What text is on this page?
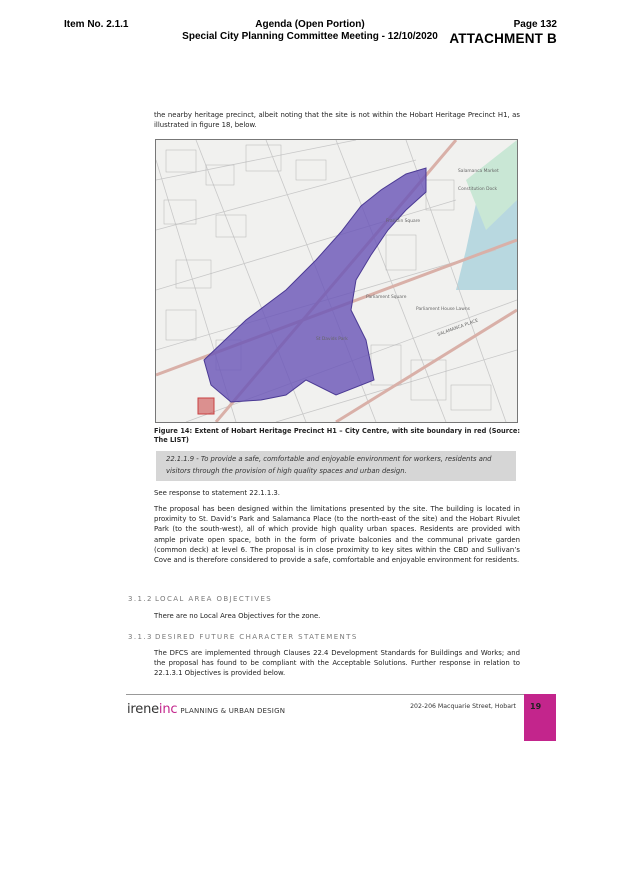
Item No. 2.1.1	Agenda (Open Portion)
Special City Planning Committee Meeting - 12/10/2020
Page 132
ATTACHMENT B
the nearby heritage precinct, albeit noting that the site is not within the Hobart Heritage Precinct H1, as illustrated in figure 18, below.
Salamanca Market
Constitution Dock
Franklin Square
Parliament Square
Parliament House Lawns
St Davids Park
SALAMANCA PLACE
Figure 14: Extent of Hobart Heritage Precinct H1 – City Centre, with site boundary in red (Source: The LIST)
22.1.1.9 - To provide a safe, comfortable and enjoyable environment for workers, residents and visitors through the provision of high quality spaces and urban design.
See response to statement 22.1.1.3.
The proposal has been designed within the limitations presented by the site. The building is located in proximity to St. David’s Park and Salamanca Place (to the north-east of the site) and the Hobart Rivulet Park (to the south-west), all of which provide high quality urban spaces. Residents are provided with ample private open space, both in the form of private balconies and the communal private garden (common deck) at level 6. The proposal is in close proximity to key sites within the CBD and Sullivan’s Cove and is therefore considered to provide a safe, comfortable and enjoyable environment for residents.
3.1.2 LOCAL AREA OBJECTIVES
There are no Local Area Objectives for the zone.
3.1.3 DESIRED FUTURE CHARACTER STATEMENTS
The DFCS are implemented through Clauses 22.4 Development Standards for Buildings and Works; and the proposal has found to be compliant with the Acceptable Solutions. Further response in relation to 22.1.3.1 Objectives is provided below.
ireneinc PLANNING & URBAN DESIGN
202-206 Macquarie Street, Hobart	19
